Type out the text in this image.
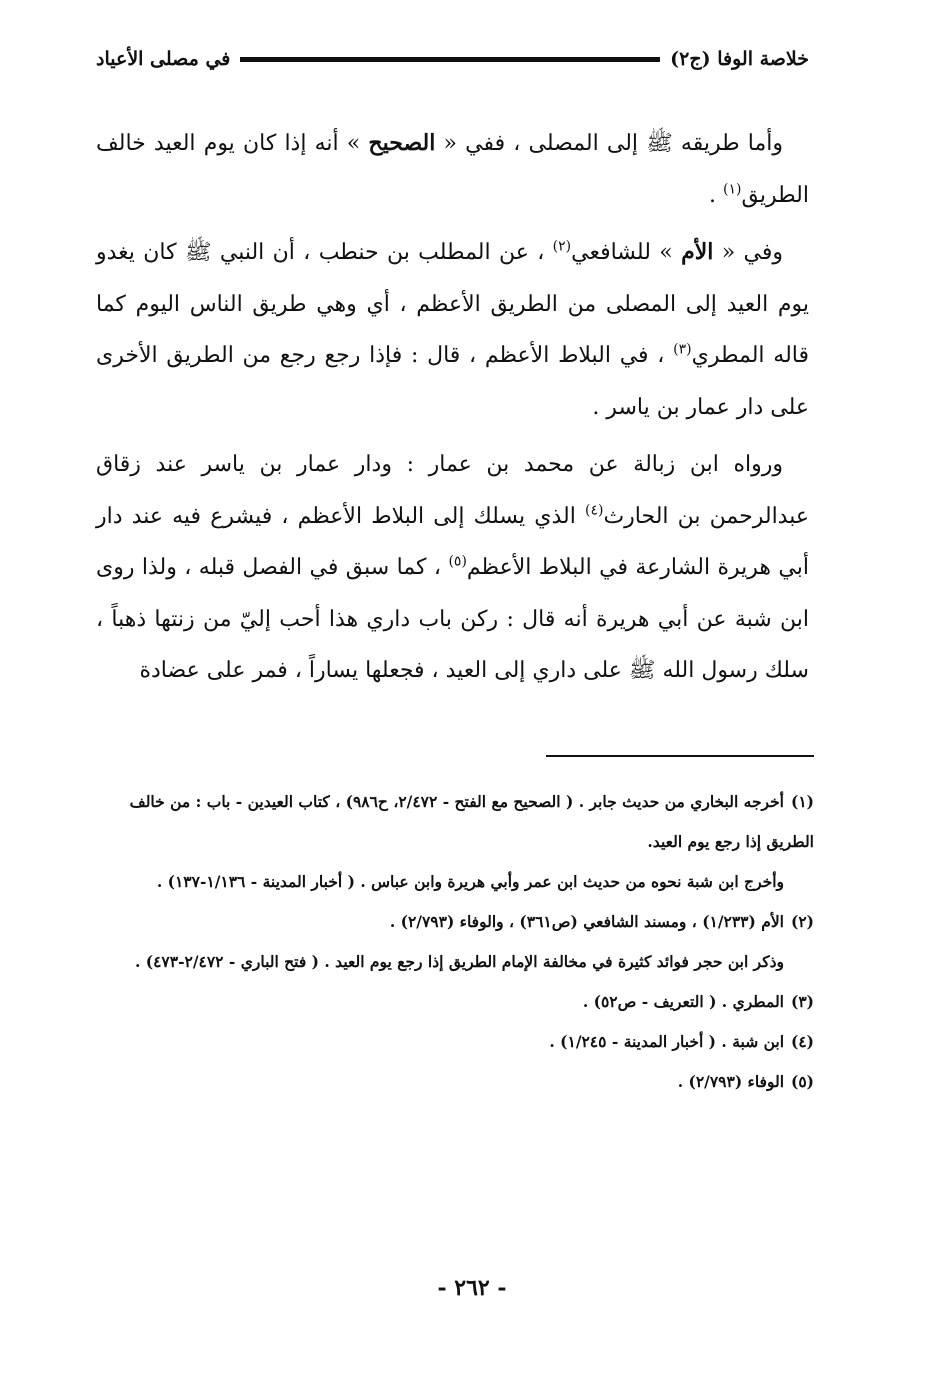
خلاصة الوفا (ج٢)
في مصلى الأعياد

وأما طريقه ﷺ إلى المصلى ، ففي « الصحيح » أنه إذا كان يوم العيد خالف الطريق$^{(١)}$ .

وفي « الأم » للشافعي$^{(٢)}$ ، عن المطلب بن حنطب ، أن النبي ﷺ كان يغدو يوم العيد إلى المصلى من الطريق الأعظم ، أي وهي طريق الناس اليوم كما قاله المطري$^{(٣)}$ ، في البلاط الأعظم ، قال : فإذا رجع رجع من الطريق الأخرى على دار عمار بن ياسر .

ورواه ابن زبالة عن محمد بن عمار : ودار عمار بن ياسر عند زقاق عبدالرحمن بن الحارث$^{(٤)}$ الذي يسلك إلى البلاط الأعظم ، فيشرع فيه عند دار أبي هريرة الشارعة في البلاط الأعظم$^{(٥)}$ ، كما سبق في الفصل قبله ، ولذا روى ابن شبة عن أبي هريرة أنه قال : ركن باب داري هذا أحب إليّ من زنتها ذهباً ، سلك رسول الله ﷺ على داري إلى العيد ، فجعلها يساراً ، فمر على عضادة

(١)أخرجه البخاري من حديث جابر . ( الصحيح مع الفتح - ٢/٤٧٢، ح٩٨٦) ، كتاب العيدين - باب : من خالف الطريق إذا رجع يوم العيد.

وأخرج ابن شبة نحوه من حديث ابن عمر وأبي هريرة وابن عباس . ( أخبار المدينة - ١/١٣٦-١٣٧) .

(٢)الأم (١/٢٣٣) ، ومسند الشافعي (ص٣٦١) ، والوفاء (٢/٧٩٣) .

وذكر ابن حجر فوائد كثيرة في مخالفة الإمام الطريق إذا رجع يوم العيد . ( فتح الباري - ٢/٤٧٢-٤٧٣) .

(٣)المطري . ( التعريف - ص٥٢) .

(٤)ابن شبة . ( أخبار المدينة - ١/٢٤٥) .

(٥)الوفاء (٢/٧٩٣) .

- ٢٦٢ -
